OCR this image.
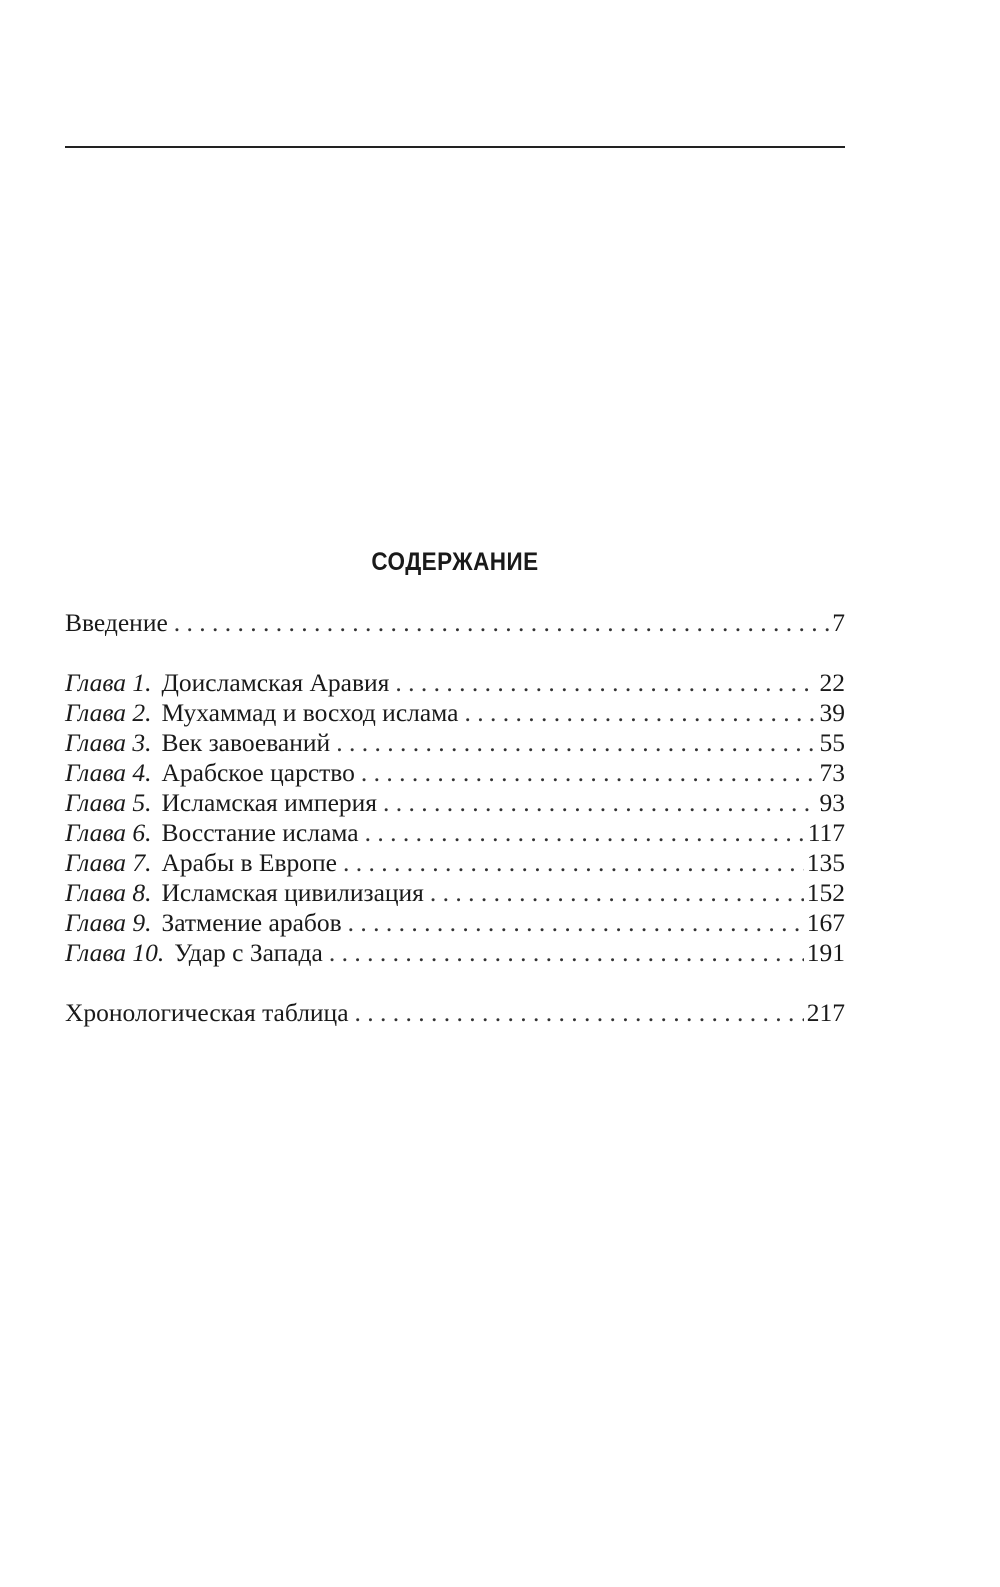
СОДЕРЖАНИЕ
Введение . . .	7
Глава 1. Доисламская Аравия . . .	22
Глава 2. Мухаммад и восход ислама . . .	39
Глава 3. Век завоеваний . . .	55
Глава 4. Арабское царство . . .	73
Глава 5. Исламская империя . . .	93
Глава 6. Восстание ислама . . .	117
Глава 7. Арабы в Европе . . .	135
Глава 8. Исламская цивилизация . . .	152
Глава 9. Затмение арабов . . .	167
Глава 10. Удар с Запада . . .	191
Хронологическая таблица . . .	217
